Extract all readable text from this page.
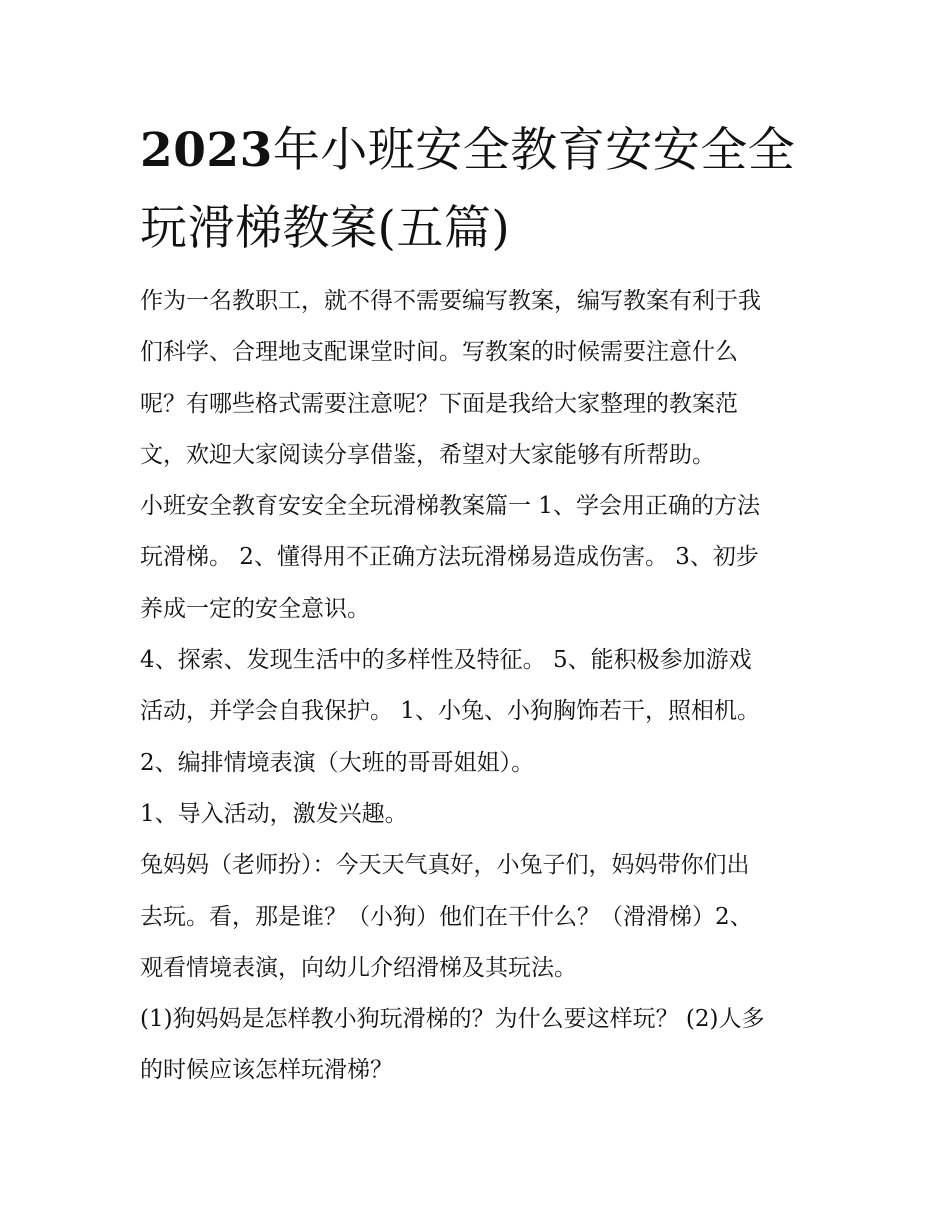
2023年小班安全教育安安全全
玩滑梯教案(五篇)
作为一名教职工，就不得不需要编写教案，编写教案有利于我
们科学、合理地支配课堂时间。写教案的时候需要注意什么
呢？有哪些格式需要注意呢？下面是我给大家整理的教案范
文，欢迎大家阅读分享借鉴，希望对大家能够有所帮助。
小班安全教育安安全全玩滑梯教案篇一 1、学会用正确的方法
玩滑梯。 2、懂得用不正确方法玩滑梯易造成伤害。 3、初步
养成一定的安全意识。
4、探索、发现生活中的多样性及特征。 5、能积极参加游戏
活动，并学会自我保护。 1、小兔、小狗胸饰若干，照相机。
2、编排情境表演（大班的哥哥姐姐）。
1、导入活动，激发兴趣。
兔妈妈（老师扮）：今天天气真好，小兔子们，妈妈带你们出
去玩。看，那是谁？（小狗）他们在干什么？（滑滑梯）2、
观看情境表演，向幼儿介绍滑梯及其玩法。
(1)狗妈妈是怎样教小狗玩滑梯的？为什么要这样玩？ (2)人多
的时候应该怎样玩滑梯？
